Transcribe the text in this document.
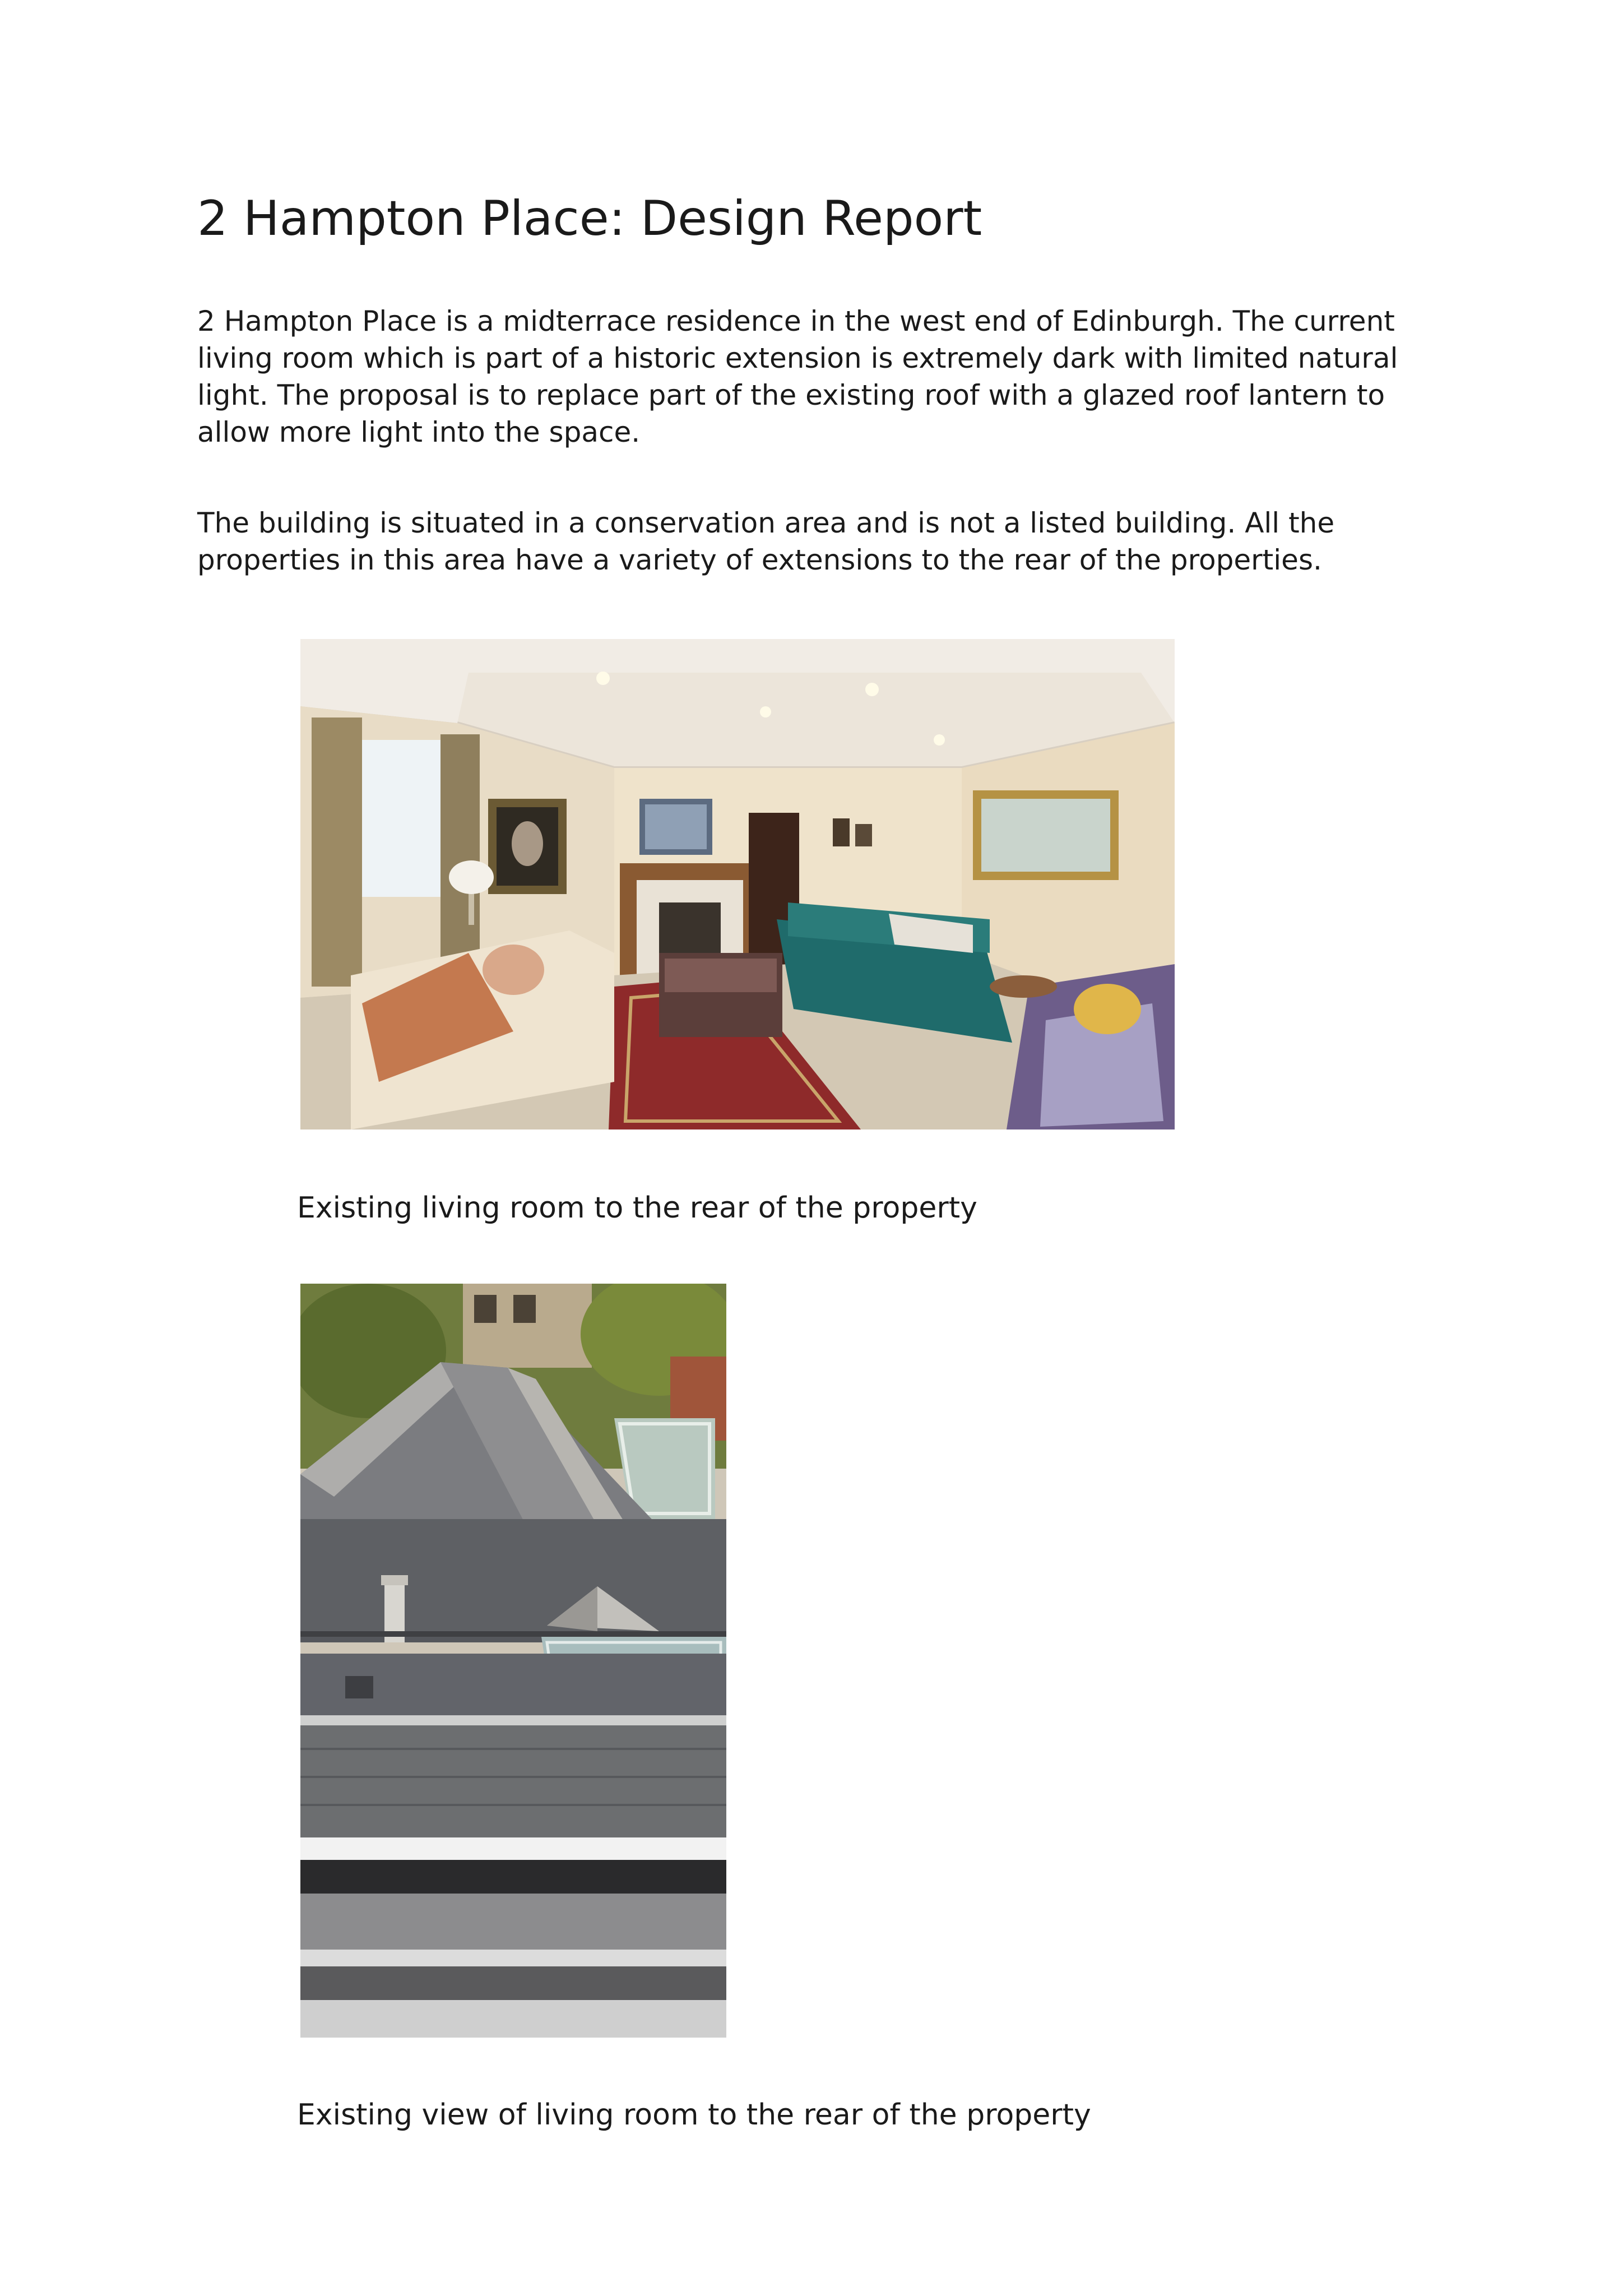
2 Hampton Place: Design Report

2 Hampton Place is a midterrace residence in the west end of Edinburgh. The current
living room which is part of a historic extension is extremely dark with limited natural
light. The proposal is to replace part of the existing roof with a glazed roof lantern to
allow more light into the space.

The building is situated in a conservation area and is not a listed building. All the
properties in this area have a variety of extensions to the rear of the properties.

Existing living room to the rear of the property

Existing view of living room to the rear of the property
